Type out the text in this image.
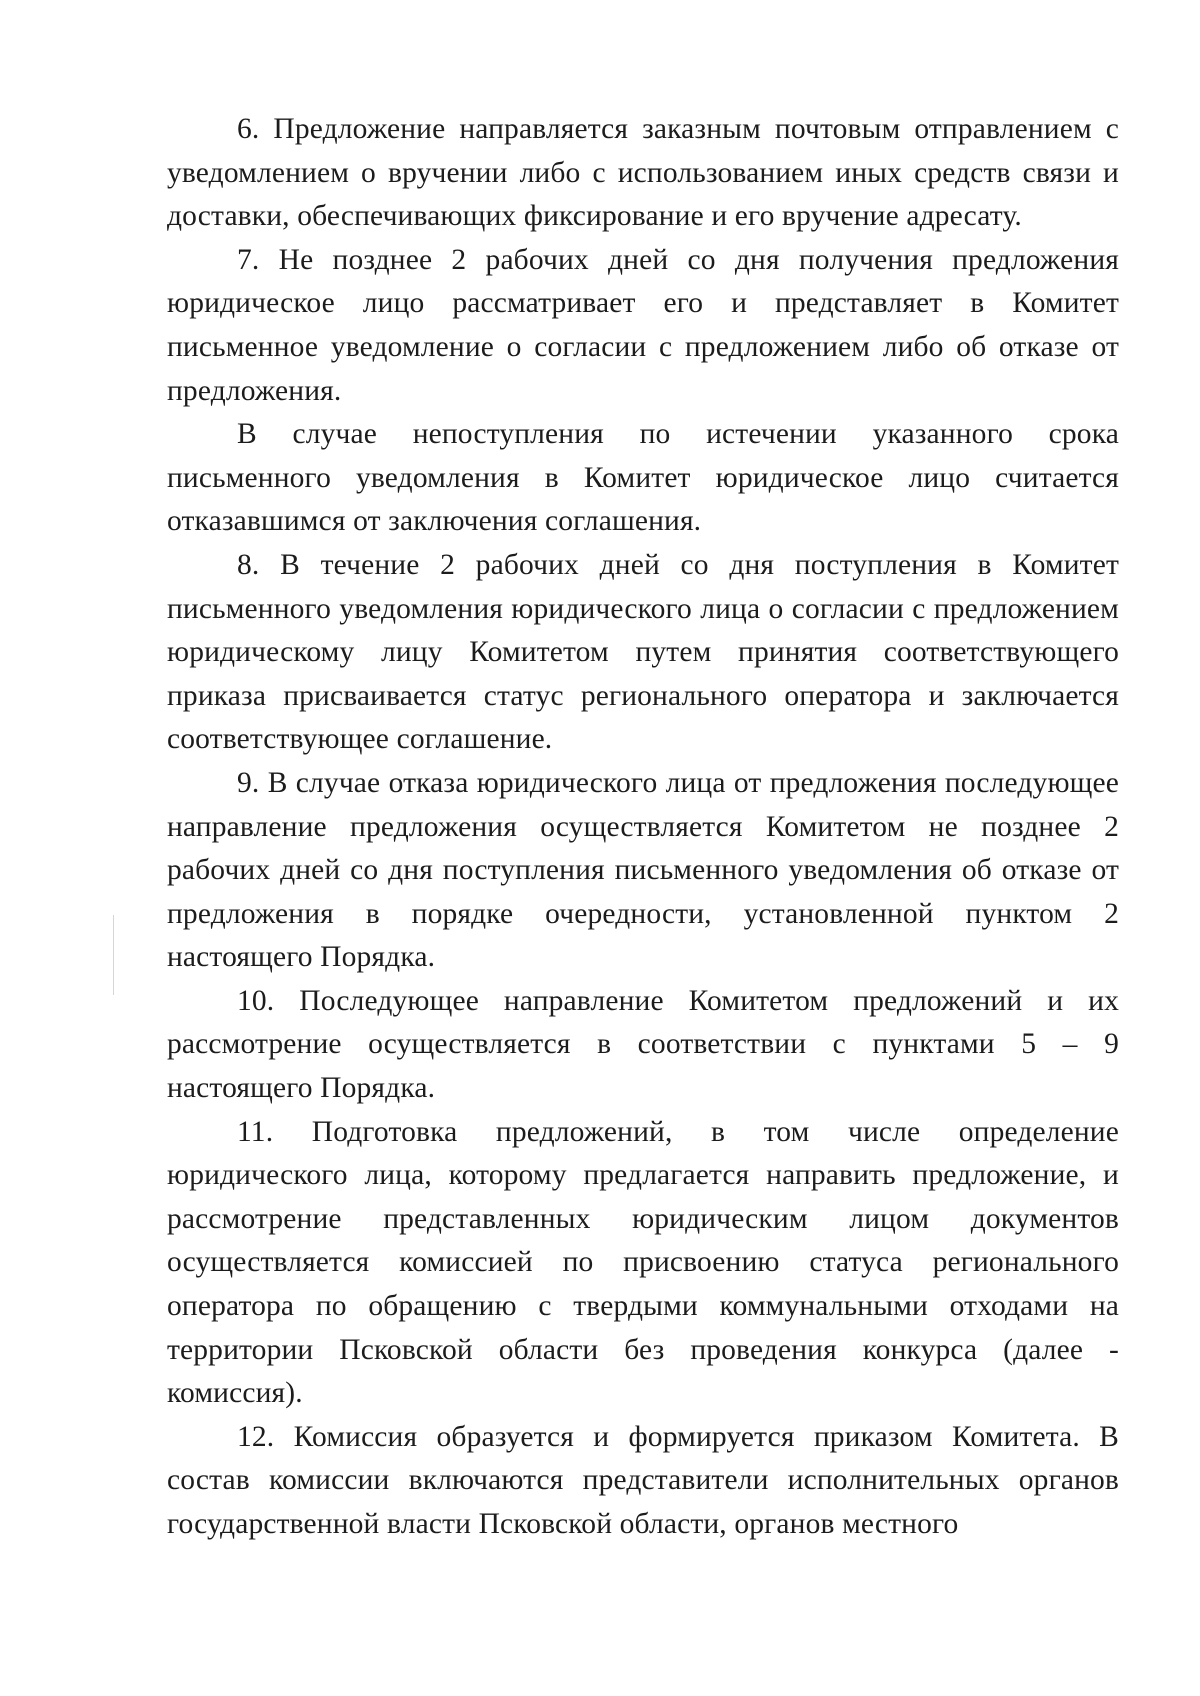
6. Предложение направляется заказным почтовым отправлением с уведомлением о вручении либо с использованием иных средств связи и доставки, обеспечивающих фиксирование и его вручение адресату.

7. Не позднее 2 рабочих дней со дня получения предложения юридическое лицо рассматривает его и представляет в Комитет письменное уведомление о согласии с предложением либо об отказе от предложения.

В случае непоступления по истечении указанного срока письменного уведомления в Комитет юридическое лицо считается отказавшимся от заключения соглашения.

8. В течение 2 рабочих дней со дня поступления в Комитет письменного уведомления юридического лица о согласии с предложением юридическому лицу Комитетом путем принятия соответствующего приказа присваивается статус регионального оператора и заключается соответствующее соглашение.

9. В случае отказа юридического лица от предложения последующее направление предложения осуществляется Комитетом не позднее 2 рабочих дней со дня поступления письменного уведомления об отказе от предложения в порядке очередности, установленной пунктом 2 настоящего Порядка.

10. Последующее направление Комитетом предложений и их рассмотрение осуществляется в соответствии с пунктами 5 – 9 настоящего Порядка.

11. Подготовка предложений, в том числе определение юридического лица, которому предлагается направить предложение, и рассмотрение представленных юридическим лицом документов осуществляется комиссией по присвоению статуса регионального оператора по обращению с твердыми коммунальными отходами на территории Псковской области без проведения конкурса (далее - комиссия).

12. Комиссия образуется и формируется приказом Комитета. В состав комиссии включаются представители исполнительных органов государственной власти Псковской области, органов местного
